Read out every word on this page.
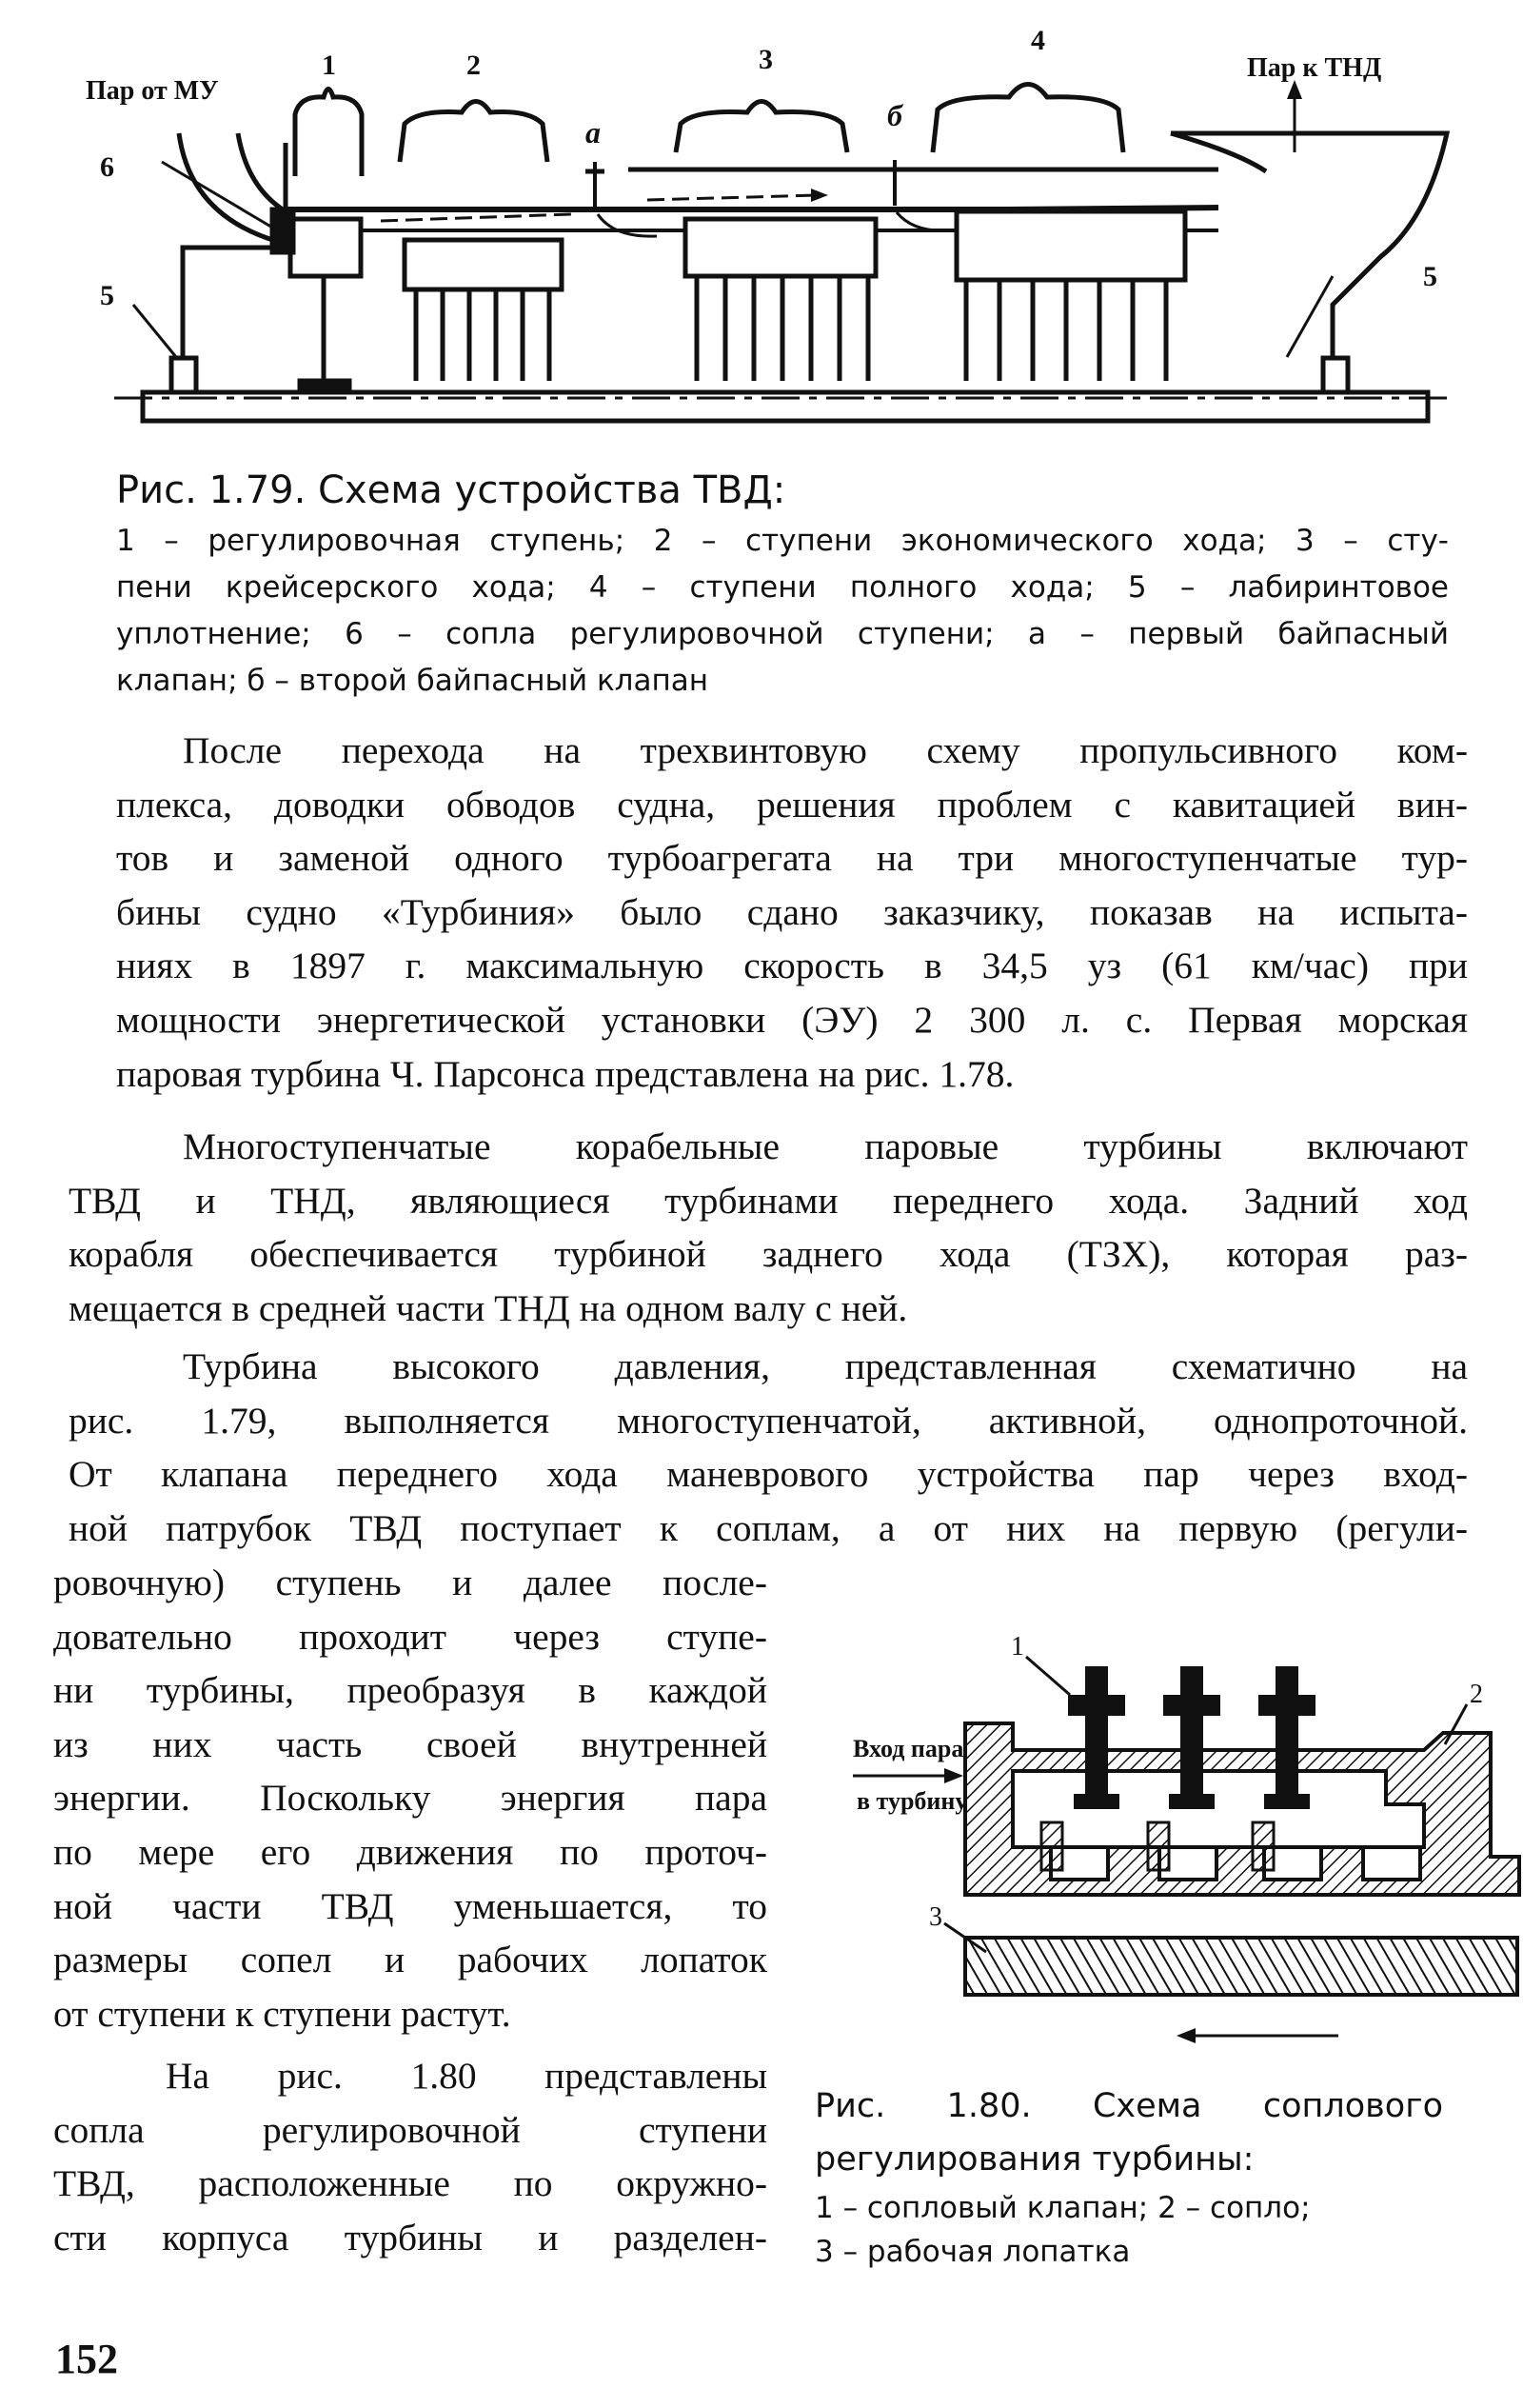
Пар от МУ
Пар к ТНД
1	2	3
4
5
5
6
а	б
Рис. 1.79. Схема устройства ТВД:
1 – регулировочная ступень; 2 – ступени экономического хода; 3 – сту-
пени крейсерского хода; 4 – ступени полного хода; 5 – лабиринтовое
уплотнение; 6 – сопла регулировочной ступени; а – первый байпасный
клапан; б – второй байпасный клапан
После перехода на трехвинтовую схему пропульсивного ком-
плекса, доводки обводов судна, решения проблем с кавитацией вин-
тов и заменой одного турбоагрегата на три многоступенчатые тур-
бины судно «Турбиния» было сдано заказчику, показав на испыта-
ниях в 1897 г. максимальную скорость в 34,5 уз (61 км/час) при
мощности энергетической установки (ЭУ) 2 300 л. с. Первая морская
паровая турбина Ч. Парсонса представлена на рис. 1.78.
Многоступенчатые корабельные паровые турбины включают
ТВД и ТНД, являющиеся турбинами переднего хода. Задний ход
корабля обеспечивается турбиной заднего хода (ТЗХ), которая раз-
мещается в средней части ТНД на одном валу с ней.
Турбина высокого давления, представленная схематично на
рис. 1.79, выполняется многоступенчатой, активной, однопроточной.
От клапана переднего хода маневрового устройства пар через вход-
ной патрубок ТВД поступает к соплам, а от них на первую (регули-
ровочную) ступень и далее после-
довательно проходит через ступе-
ни турбины, преобразуя в каждой
из них часть своей внутренней
энергии. Поскольку энергия пара
по мере его движения по проточ-
ной части ТВД уменьшается, то
размеры сопел и рабочих лопаток
от ступени к ступени растут.
На рис. 1.80 представлены
сопла регулировочной ступени
ТВД, расположенные по окружно-
сти корпуса турбины и разделен-
Вход пара
в турбину
1
2
3
Рис. 1.80. Схема соплового
регулирования турбины:
1 – сопловый клапан; 2 – сопло;
3 – рабочая лопатка
152
